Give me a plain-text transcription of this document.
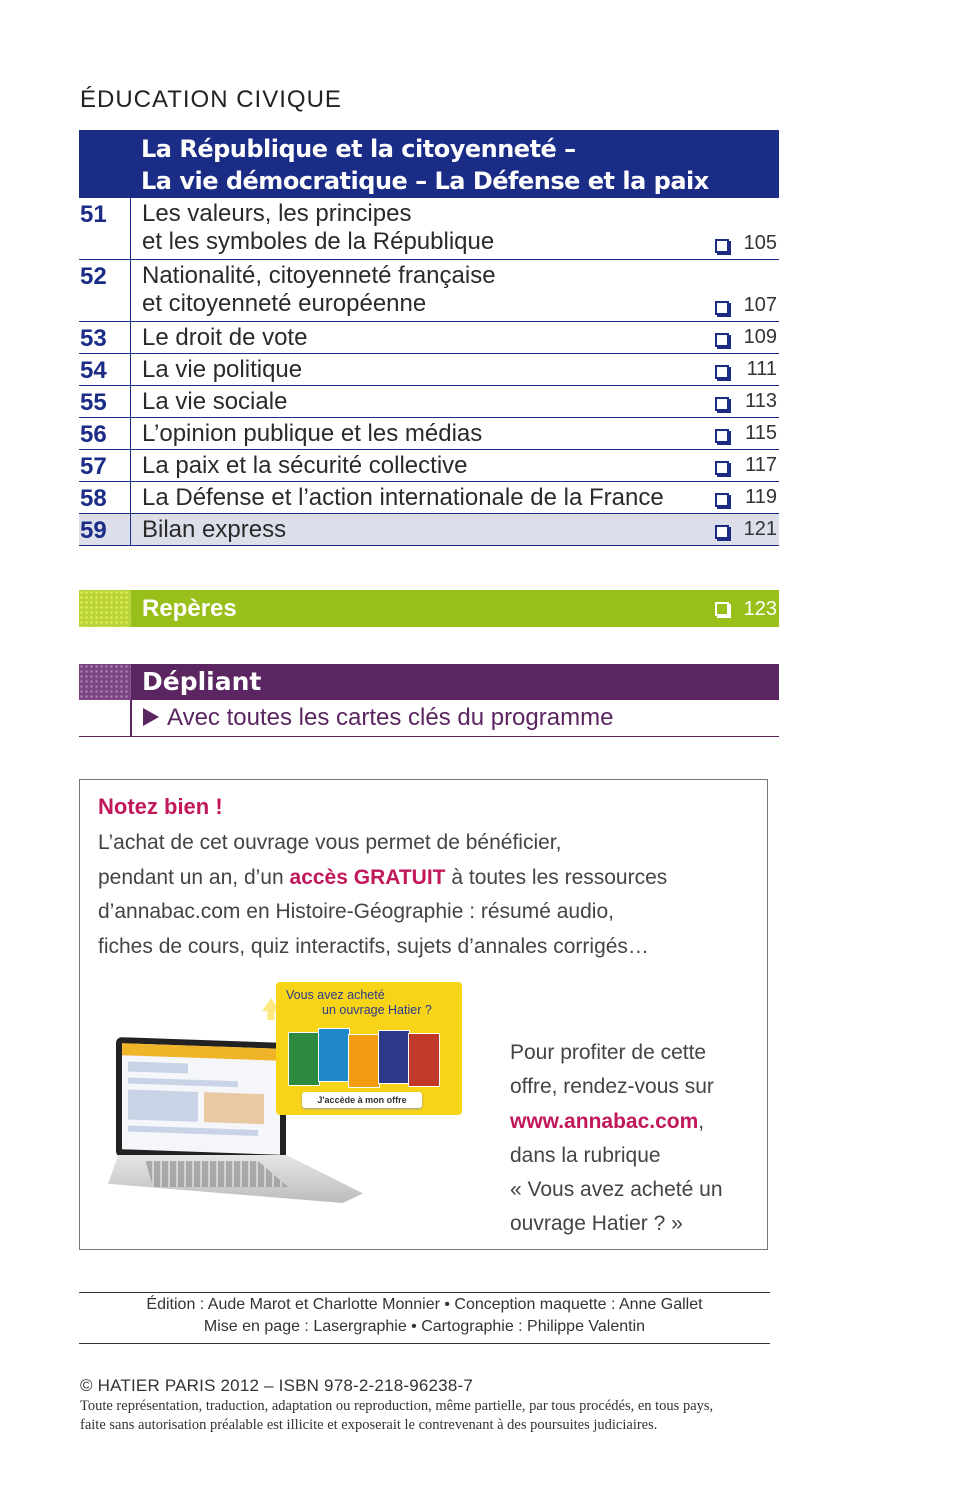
ÉDUCATION CIVIQUE
La République et la citoyenneté –
La vie démocratique – La Défense et la paix
51 Les valeurs, les principes
et les symboles de la République	105
52 Nationalité, citoyenneté française
et citoyenneté européenne	107
53 Le droit de vote	109
54 La vie politique	111
55 La vie sociale	113
56 L’opinion publique et les médias	115
57 La paix et la sécurité collective	117
58 La Défense et l’action internationale de la France	119
59 Bilan express	121
Repères	123
Dépliant
Avec toutes les cartes clés du programme
Notez bien !
L’achat de cet ouvrage vous permet de bénéficier,
pendant un an, d’un accès GRATUIT à toutes les ressources
d’annabac.com en Histoire-Géographie : résumé audio,
fiches de cours, quiz interactifs, sujets d’annales corrigés…
Vous avez acheté
un ouvrage Hatier ?
J'accède à mon offre
Pour profiter de cette
offre, rendez-vous sur
www.annabac.com,
dans la rubrique
« Vous avez acheté un
ouvrage Hatier ? »
Édition : Aude Marot et Charlotte Monnier • Conception maquette : Anne Gallet
Mise en page : Lasergraphie • Cartographie : Philippe Valentin
© HATIER PARIS 2012 – ISBN 978-2-218-96238-7
Toute représentation, traduction, adaptation ou reproduction, même partielle, par tous procédés, en tous pays,
faite sans autorisation préalable est illicite et exposerait le contrevenant à des poursuites judiciaires.
